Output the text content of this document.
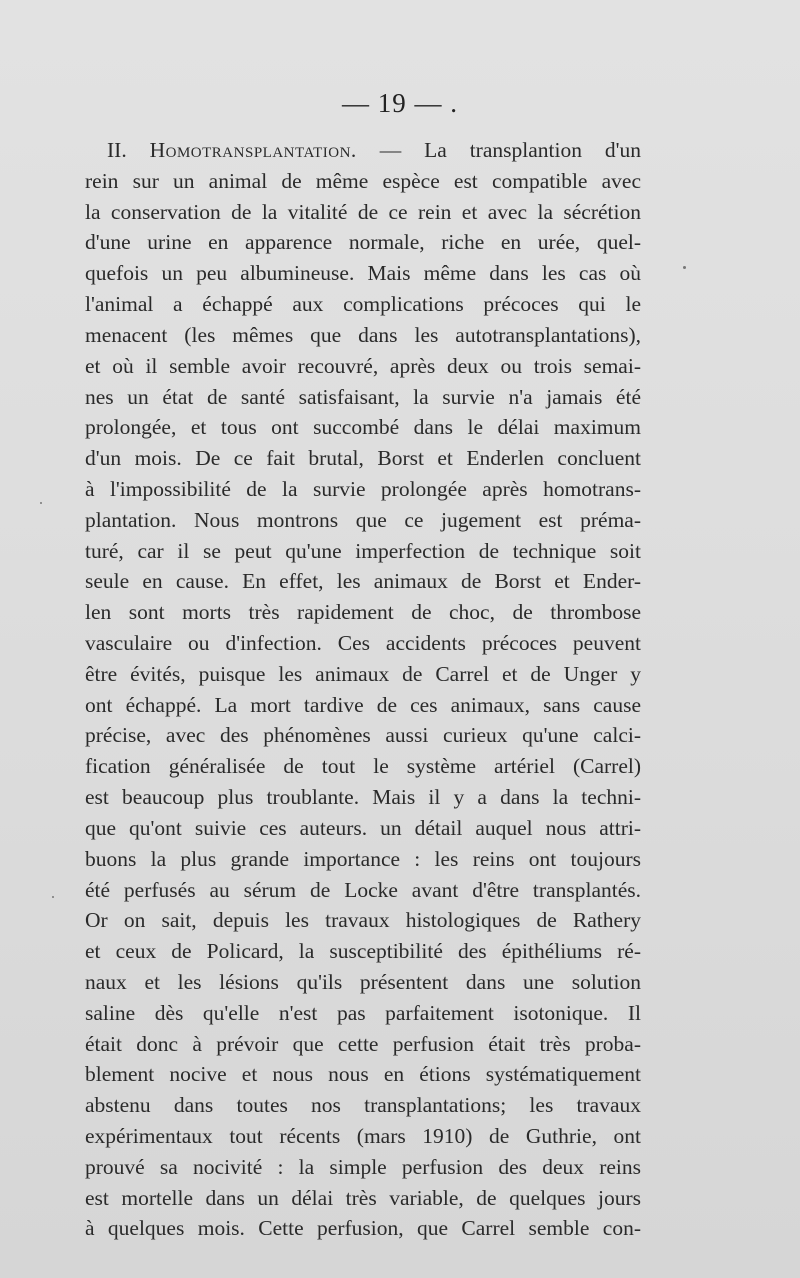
— 19 — .
II. Homotransplantation. — La transplantion d'un
rein sur un animal de même espèce est compatible avec
la conservation de la vitalité de ce rein et avec la sécrétion
d'une urine en apparence normale, riche en urée, quel-
quefois un peu albumineuse. Mais même dans les cas où
l'animal a échappé aux complications précoces qui le
menacent (les mêmes que dans les autotransplantations),
et où il semble avoir recouvré, après deux ou trois semai-
nes un état de santé satisfaisant, la survie n'a jamais été
prolongée, et tous ont succombé dans le délai maximum
d'un mois. De ce fait brutal, Borst et Enderlen concluent
à l'impossibilité de la survie prolongée après homotrans-
plantation. Nous montrons que ce jugement est préma-
turé, car il se peut qu'une imperfection de technique soit
seule en cause. En effet, les animaux de Borst et Ender-
len sont morts très rapidement de choc, de thrombose
vasculaire ou d'infection. Ces accidents précoces peuvent
être évités, puisque les animaux de Carrel et de Unger y
ont échappé. La mort tardive de ces animaux, sans cause
précise, avec des phénomènes aussi curieux qu'une calci-
fication généralisée de tout le système artériel (Carrel)
est beaucoup plus troublante. Mais il y a dans la techni-
que qu'ont suivie ces auteurs. un détail auquel nous attri-
buons la plus grande importance : les reins ont toujours
été perfusés au sérum de Locke avant d'être transplantés.
Or on sait, depuis les travaux histologiques de Rathery
et ceux de Policard, la susceptibilité des épithéliums ré-
naux et les lésions qu'ils présentent dans une solution
saline dès qu'elle n'est pas parfaitement isotonique. Il
était donc à prévoir que cette perfusion était très proba-
blement nocive et nous nous en étions systématiquement
abstenu dans toutes nos transplantations; les travaux
expérimentaux tout récents (mars 1910) de Guthrie, ont
prouvé sa nocivité : la simple perfusion des deux reins
est mortelle dans un délai très variable, de quelques jours
à quelques mois. Cette perfusion, que Carrel semble con-
